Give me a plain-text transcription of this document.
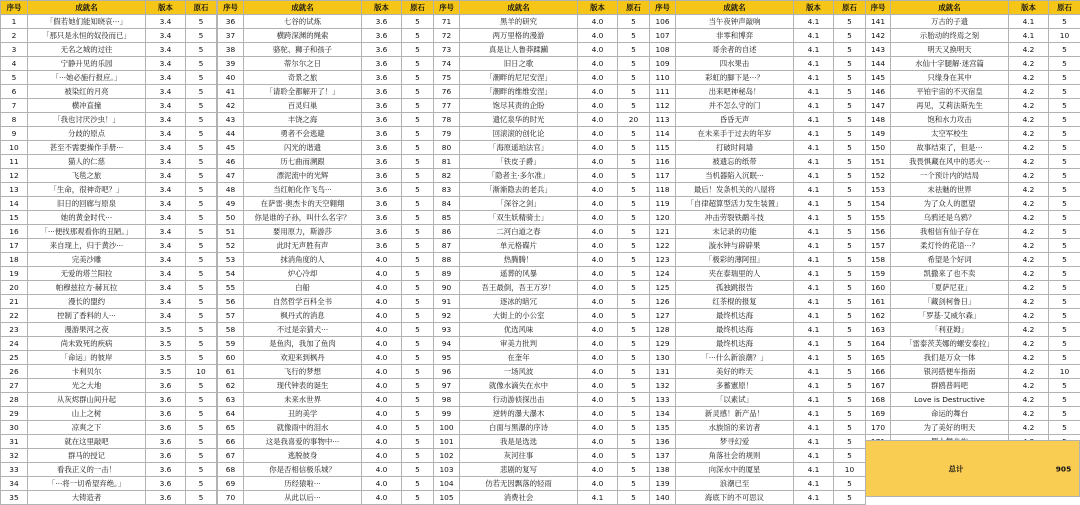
序号	成就名	版本	原石
1	「假若她们能知晓哀···」	3.4	5
2	「那只是永恒的奴役而已」	3.4	5
3	无名之城的过往	3.4	5
4	宁静升见的乐园	3.4	5
5	「···她必施行报应。」	3.4	5
6	被染红的月亮	3.4	5
7	横冲直撞	3.4	5
8	「我也讨厌沙虫！」	3.4	5
9	分歧的原点	3.4	5
10	甚至不需要操作手册···	3.4	5
11	猫人的仁慈	3.4	5
12	飞毯之旅	3.4	5
13	「生命，很神奇吧？」	3.4	5
14	旧日的回廊与原泉	3.4	5
15	她的黄金时代···	3.4	5
16	「···便找那观看你的丑陋。」	3.4	5
17	来自现上，归于黄沙···	3.4	5
18	完美沙雕	3.4	5
19	无爱的塔兰阳拉	3.4	5
20	帕穆兹拉方·赫瓦拉	3.4	5
21	漫长的盟约	3.4	5
22	控制了香料的人···	3.4	5
23	漫游果河之夜	3.5	5
24	尚未致死的疾病	3.5	5
25	「命运」的彼岸	3.5	5
26	卡利贝尔	3.5	10
27	光之大地	3.6	5
28	从灰烬群山间升起	3.6	5
29	山上之树	3.6	5
30	凉爽之下	3.6	5
31	就在这里敲吧	3.6	5
32	群马的授记	3.6	5
33	看我正义的一击！	3.6	5
34	「···将一切希望弃绝。」	3.6	5
35	大铸造者	3.6	5
序号	成就名	版本	原石
36	七谷的试炼	3.6	5
37	横跨深渊的绳索	3.6	5
38	骆驼、狮子和孩子	3.6	5
39	蒂尔尔之日	3.6	5
40	奇景之旅	3.6	5
41	「请聆全都解开了！」	3.6	5
42	百灵归巢	3.6	5
43	丰饶之海	3.6	5
44	勇者不会逃避	3.6	5
45	闪光的谐遗	3.6	5
46	历七曲而溯跟	3.6	5
47	漂泥流中的光辉	3.6	5
48	当红帕化作飞鸟···	3.6	5
49	在萨雷·奥杰卡的天空翱翔	3.6	5
50	你是谁的子孙，叫什么名字？	3.6	5
51	要用原力，斯游莎	3.6	5
52	此时无声胜有声	3.6	5
53	抹消角度的人	4.0	5
54	炉心冷却	4.0	5
55	白船	4.0	5
56	自然哲学百科全书	4.0	5
57	枫丹式的消息	4.0	5
58	不过是亲猜犬···	4.0	5
59	是鱼肉，我加了鱼肉	4.0	5
60	欢迎来到枫丹	4.0	5
61	飞行的梦想	4.0	5
62	现代钟表的诞生	4.0	5
63	未来水世界	4.0	5
64	丑的美学	4.0	5
65	就像雨中的泪水	4.0	5
66	这是我喜爱的事物中···	4.0	5
67	逃脱彼身	4.0	5
68	你是否相信极乐城？	4.0	5
69	历经猿啦···	4.0	5
70	从此以后···	4.0	5
序号	成就名	版本	原石
71	黑羊的研究	4.0	5
72	两万里格的漫游	4.0	5
73	真是让人鲁莽蹂躏	4.0	5
74	旧日之歌	4.0	5
75	「潮畔的尼尼安涅」	4.0	5
76	「潮畔的维维安涅」	4.0	5
77	饱尽其责的企盼	4.0	5
78	遗忆泉华的时光	4.0	20
79	回滚滚的创化论	4.0	5
80	「海原遥珀法官」	4.0	5
81	「铁皮子爵」	4.0	5
82	「隐者主·多尔准」	4.0	5
83	「渐渐隐去的老兵」	4.0	5
84	「深谷之剑」	4.0	5
85	「双生妖精骑士」	4.0	5
86	二河白道之春	4.0	5
87	单元格碟片	4.0	5
88	热腾腾！	4.0	5
89	遥葬的风暴	4.0	5
90	吾王最倒，吾王万岁！	4.0	5
91	逐冰的暗冗	4.0	5
92	大街上的小公室	4.0	5
93	优选风味	4.0	5
94	审美力批判	4.0	5
95	在奎年	4.0	5
96	一场风波	4.0	5
97	就像水滴失在水中	4.0	5
98	行动游侦探出击	4.0	5
99	逆转的瀑大瀑木	4.0	5
100	白面与黑瀑的序诗	4.0	5
101	我是是选选	4.0	5
102	灰河往事	4.0	5
103	悲剧的复写	4.0	5
104	仿若无因飘落的轻雨	4.0	5
105	消费社会	4.1	5
序号	成就名	版本	原石
106	当午夜钟声敲响	4.1	5
107	非零和博弈	4.1	5
108	哥余者的自述	4.1	5
109	四水果击	4.1	5
110	彩虹的脚下是···？	4.1	5
111	出来吧神秘岛！	4.1	5
112	并不怎么守的门	4.1	5
113	昏昏无声	4.1	5
114	在未来手于过去的年岁	4.1	5
115	打破时间墙	4.1	5
116	被遗忘的纸带	4.1	5
117	当机器陷入沉眠···	4.1	5
118	最后！发条机关的八屋将	4.1	5
119	「自律超算型活力发生装置」	4.1	5
120	冲击劳裂铁鹬斗技	4.1	5
121	未记录的功能	4.1	5
122	漩水钟与辟辟果	4.1	5
123	「极彩的薄阿扭」	4.1	5
124	夹在泰瑞里的人	4.1	5
125	孤独跳报告	4.1	5
126	红茶棍的报复	4.1	5
127	最终机达海	4.1	5
128	最终机达海	4.1	5
129	最终机达海	4.1	5
130	「···什么新浪潮？」	4.1	5
131	美好的昨天	4.1	5
132	多蓄憲原！	4.1	5
133	「以素试」	4.1	5
134	新灵感！新产品！	4.1	5
135	水族馆的来访者	4.1	5
136	梦寻幻爱	4.1	5
137	角落社会的规则	4.1	5
138	向深水中的厦星	4.1	10
139	浪潮已至	4.1	5
140	海底下的不可思议	4.1	5
序号	成就名	版本	原石
141	万古的子遗	4.1	5
142	示胎动的终焉之刻	4.1	10
143	明天又换明天	4.2	5
144	水仙十字腿解·迷宫篇	4.2	5
145	只缘身在其中	4.2	5
146	平铂宇宙的不灭宿皇	4.2	5
147	再见，艾莉法斯先生	4.2	5
148	饱和水力攻击	4.2	5
149	太空军校生	4.2	5
150	故事结束了，但是···	4.2	5
151	我畏惧藏在风中的恶火···	4.2	5
152	一个预计内的结局	4.2	5
153	未祛魅的世界	4.2	5
154	为了众人的愿望	4.2	5
155	乌鸦还是乌鸦？	4.2	5
156	我相信有仙子存在	4.2	5
157	柔灯怜的花语···？	4.2	5
158	希望是个好词	4.2	5
159	凯撒来了也不卖	4.2	5
160	「夏萨尼亚」	4.2	5
161	「藏剑柯鲁日」	4.2	5
162	「罗基·艾威尔森」	4.2	5
163	「利亚姆」	4.2	5
164	「雷泰茨芙娜的螺安泰拉」	4.2	5
165	我们是万众一体	4.2	5
166	银河搭便车指南	4.2	10
167	群鸥普吗吧	4.2	5
168	Love is Destructive	4.2	5
169	命运的舞台	4.2	5
170	为了美好的明天	4.2	5

总计	905
